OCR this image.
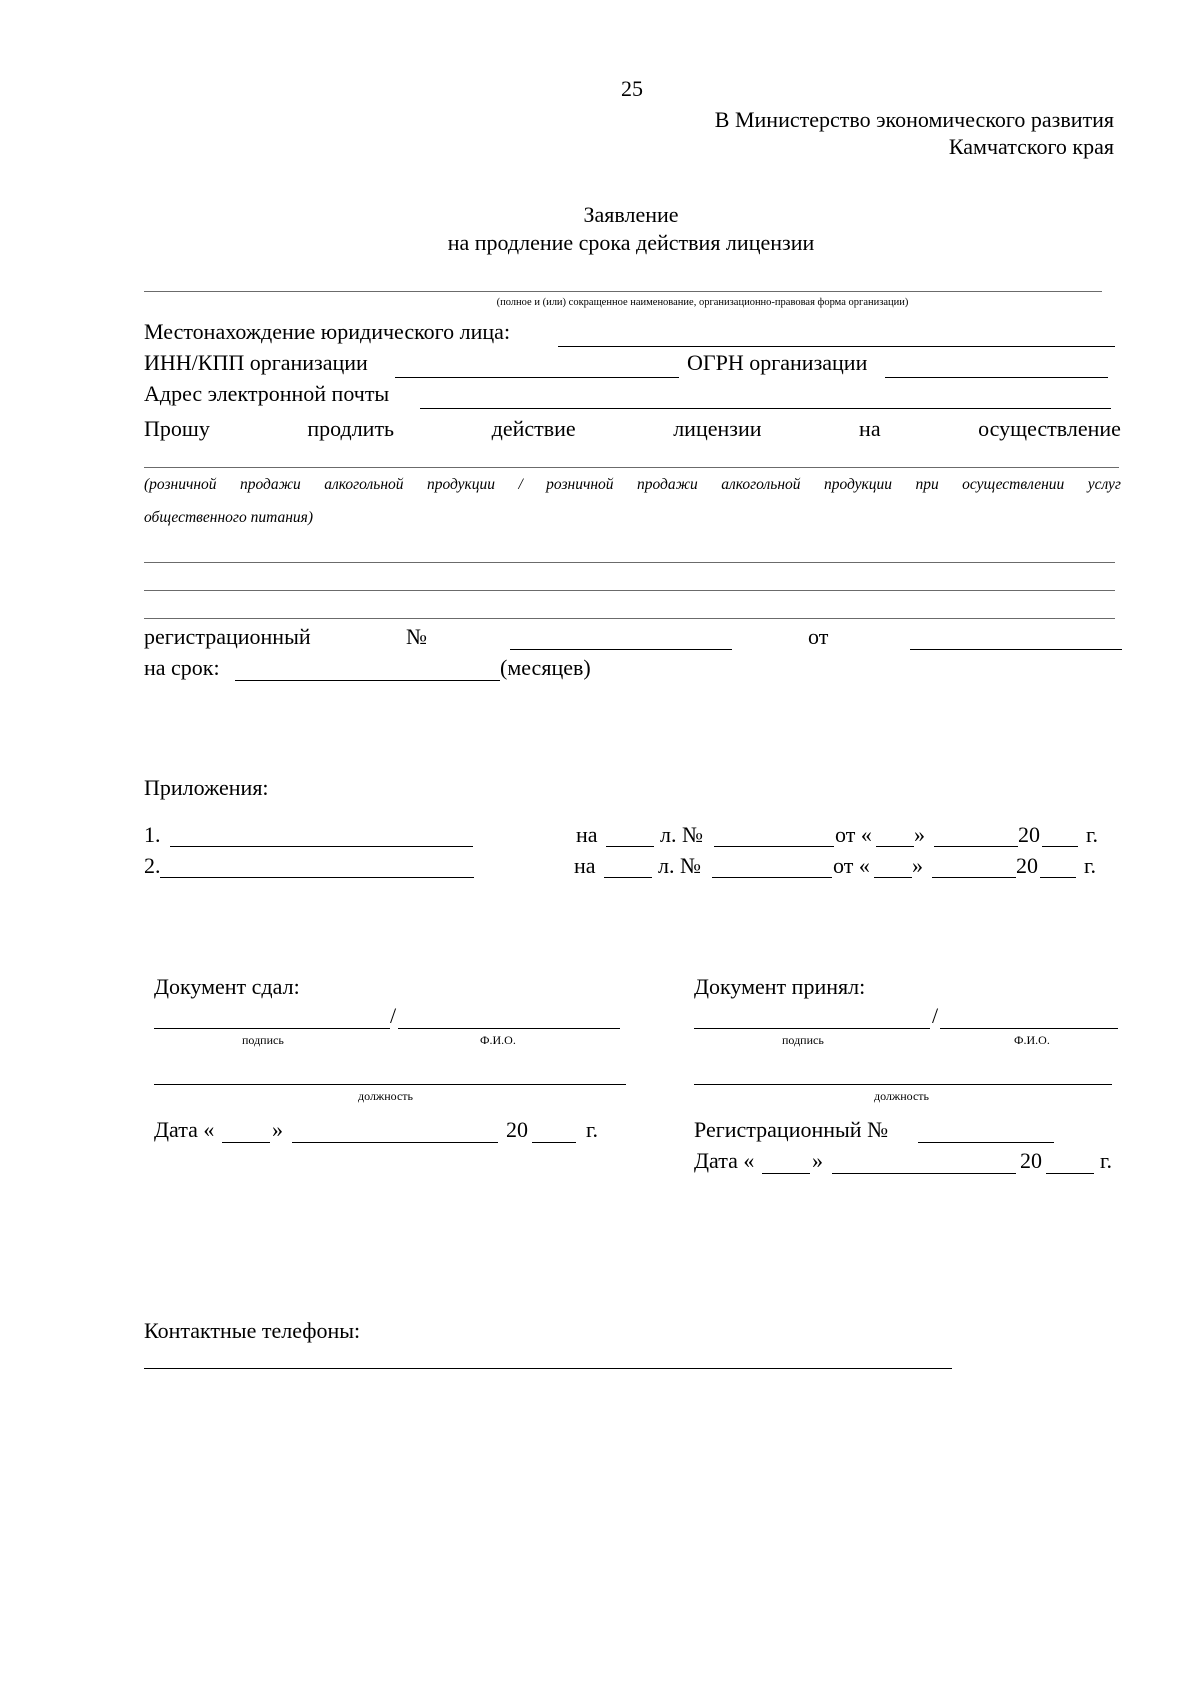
25
В Министерство экономического развития
Камчатского края
Заявление
на продление срока действия лицензии
(полное и (или) сокращенное наименование, организационно-правовая форма организации)
Местонахождение юридического лица:
ИНН/КПП организации	ОГРН организации
Адрес электронной почты
Прошу	продлить	действие	лицензии	на	осуществление
(розничной продажи алкогольной продукции / розничной продажи алкогольной продукции при осуществлении услуг
общественного питания)
регистрационный	№	от
на срок:	(месяцев)
Приложения:
1.	на	л. №	от « »	20 г.
2.	на	л. №	от « »	20 г.
Документ сдал:
/
подпись	Ф.И.О.
должность
Дата «	»	20	г.
Документ принял:
/
подпись	Ф.И.О.
должность
Регистрационный №
Дата «	»	20	г.
Контактные телефоны:
